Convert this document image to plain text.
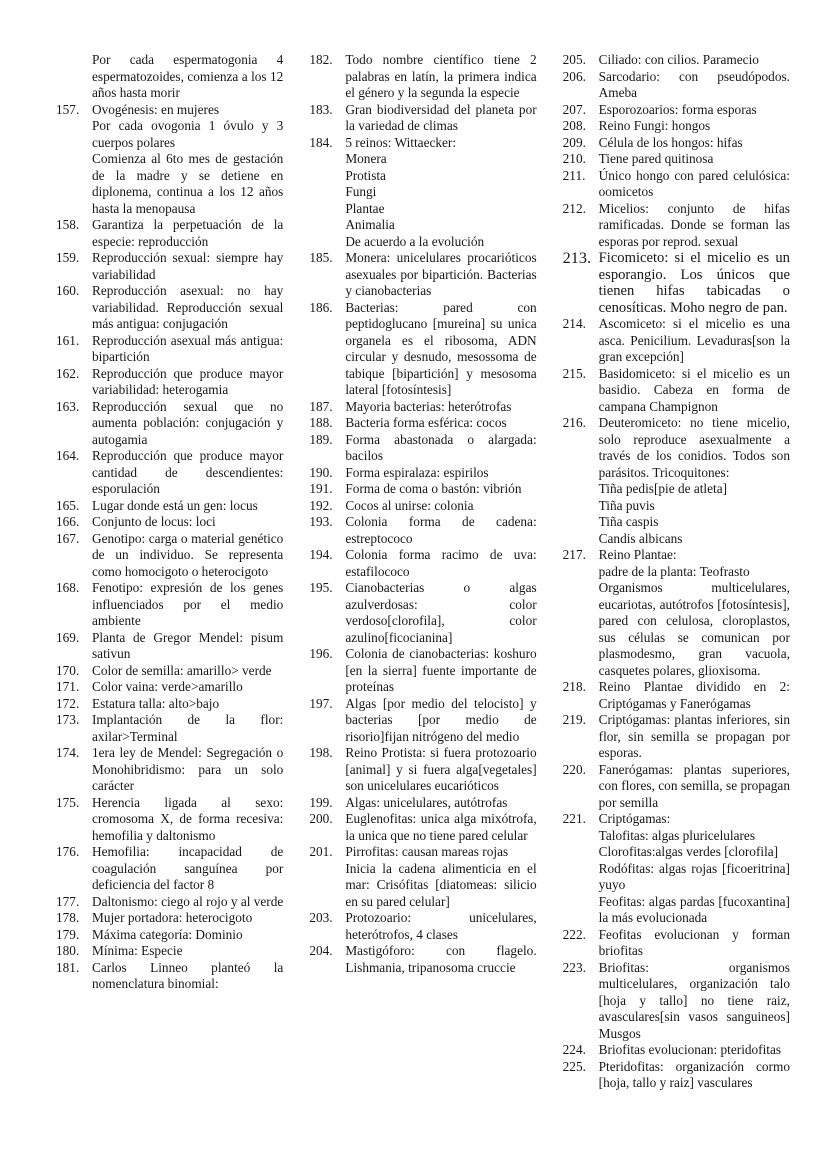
Por cada espermatogonia 4 espermatozoides, comienza a los 12 años hasta morir
157. Ovogénesis: en mujeres
Por cada ovogonia 1 óvulo y 3 cuerpos polares
Comienza al 6to mes de gestación de la madre y se detiene en diplonema, continua a los 12 años hasta la menopausa
158. Garantiza la perpetuación de la especie: reproducción
159. Reproducción sexual: siempre hay variabilidad
160. Reproducción asexual: no hay variabilidad. Reproducción sexual más antigua: conjugación
161. Reproducción asexual más antigua: bipartición
162. Reproducción que produce mayor variabilidad: heterogamia
163. Reproducción sexual que no aumenta población: conjugación y autogamia
164. Reproducción que produce mayor cantidad de descendientes: esporulación
165. Lugar donde está un gen: locus
166. Conjunto de locus: loci
167. Genotipo: carga o material genético de un individuo. Se representa como homocigoto o heterocigoto
168. Fenotipo: expresión de los genes influenciados por el medio ambiente
169. Planta de Gregor Mendel: pisum sativun
170. Color de semilla: amarillo> verde
171. Color vaina: verde>amarillo
172. Estatura talla: alto>bajo
173. Implantación de la flor: axilar>Terminal
174. 1era ley de Mendel: Segregación o Monohibridismo: para un solo carácter
175. Herencia ligada al sexo: cromosoma X, de forma recesiva: hemofilia y daltonismo
176. Hemofilia: incapacidad de coagulación sanguínea por deficiencia del factor 8
177. Daltonismo: ciego al rojo y al verde
178. Mujer portadora: heterocigoto
179. Máxima categoría: Dominio
180. Mínima: Especie
181. Carlos Linneo planteó la nomenclatura binomial:
182. Todo nombre científico tiene 2 palabras en latín, la primera indica el género y la segunda la especie
183. Gran biodiversidad del planeta por la variedad de climas
184. 5 reinos: Wittaecker:
Monera
Protista
Fungi
Plantae
Animalia
De acuerdo a la evolución
185. Monera: unicelulares procarióticos asexuales por bipartición. Bacterias y cianobacterias
186. Bacterias: pared con peptidoglucano [mureina] su unica organela es el ribosoma, ADN circular y desnudo, mesossoma de tabique [bipartición] y mesosoma lateral [fotosíntesis]
187. Mayoria bacterias: heterótrofas
188. Bacteria forma esférica: cocos
189. Forma abastonada o alargada: bacilos
190. Forma espiralaza: espirilos
191. Forma de coma o bastón: vibrión
192. Cocos al unirse: colonia
193. Colonia forma de cadena: estreptococo
194. Colonia forma racimo de uva: estafilococo
195. Cianobacterias o algas azulverdosas: color verdoso[clorofila], color azulino[ficocianina]
196. Colonia de cianobacterias: koshuro [en la sierra] fuente importante de proteínas
197. Algas [por medio del telocisto] y bacterias [por medio de risorio]fijan nitrógeno del medio
198. Reino Protista: si fuera protozoario [animal] y si fuera alga[vegetales] son unicelulares eucarióticos
199. Algas: unicelulares, autótrofas
200. Euglenofitas: unica alga mixótrofa, la unica que no tiene pared celular
201. Pirrofitas: causan mareas rojas
Inicia la cadena alimenticia en el mar: Crisófitas [diatomeas: silicio en su pared celular]
203. Protozoario: unicelulares, heterótrofos, 4 clases
204. Mastigóforo: con flagelo. Lishmania, tripanosoma cruccie
205. Ciliado: con cilios. Paramecio
206. Sarcodario: con pseudópodos. Ameba
207. Esporozoarios: forma esporas
208. Reino Fungi: hongos
209. Célula de los hongos: hifas
210. Tiene pared quitinosa
211. Único hongo con pared celulósica: oomicetos
212. Micelios: conjunto de hifas ramificadas. Donde se forman las esporas por reprod. sexual
213. Ficomiceto: si el micelio es un esporangio. Los únicos que tienen hifas tabicadas o cenosíticas. Moho negro de pan.
214. Ascomiceto: si el micelio es una asca. Penicilium. Levaduras[son la gran excepción]
215. Basidomiceto: si el micelio es un basidio. Cabeza en forma de campana Champignon
216. Deuteromiceto: no tiene micelio, solo reproduce asexualmente a través de los conidios. Todos son parásitos. Tricoquitones:
Tiña pedis[pie de atleta]
Tiña puvis
Tiña caspis
Candis albicans
217. Reino Plantae:
padre de la planta: Teofrasto
Organismos multicelulares, eucariotas, autótrofos [fotosíntesis], pared con celulosa, cloroplastos, sus células se comunican por plasmodesmo, gran vacuola, casquetes polares, glioxisoma.
218. Reino Plantae dividido en 2: Criptógamas y Fanerógamas
219. Criptógamas: plantas inferiores, sin flor, sin semilla se propagan por esporas.
220. Fanerógamas: plantas superiores, con flores, con semilla, se propagan por semilla
221. Criptógamas:
Talofitas: algas pluricelulares
Clorofitas:algas verdes [clorofila]
Rodófitas: algas rojas [ficoeritrina] yuyo
Feofitas: algas pardas [fucoxantina] la más evolucionada
222. Feofitas evolucionan y forman briofitas
223. Briofitas: organismos multicelulares, organización talo [hoja y tallo] no tiene raiz, avasculares[sin vasos sanguineos] Musgos
224. Briofitas evolucionan: pteridofitas
225. Pteridofitas: organización cormo [hoja, tallo y raiz] vasculares
